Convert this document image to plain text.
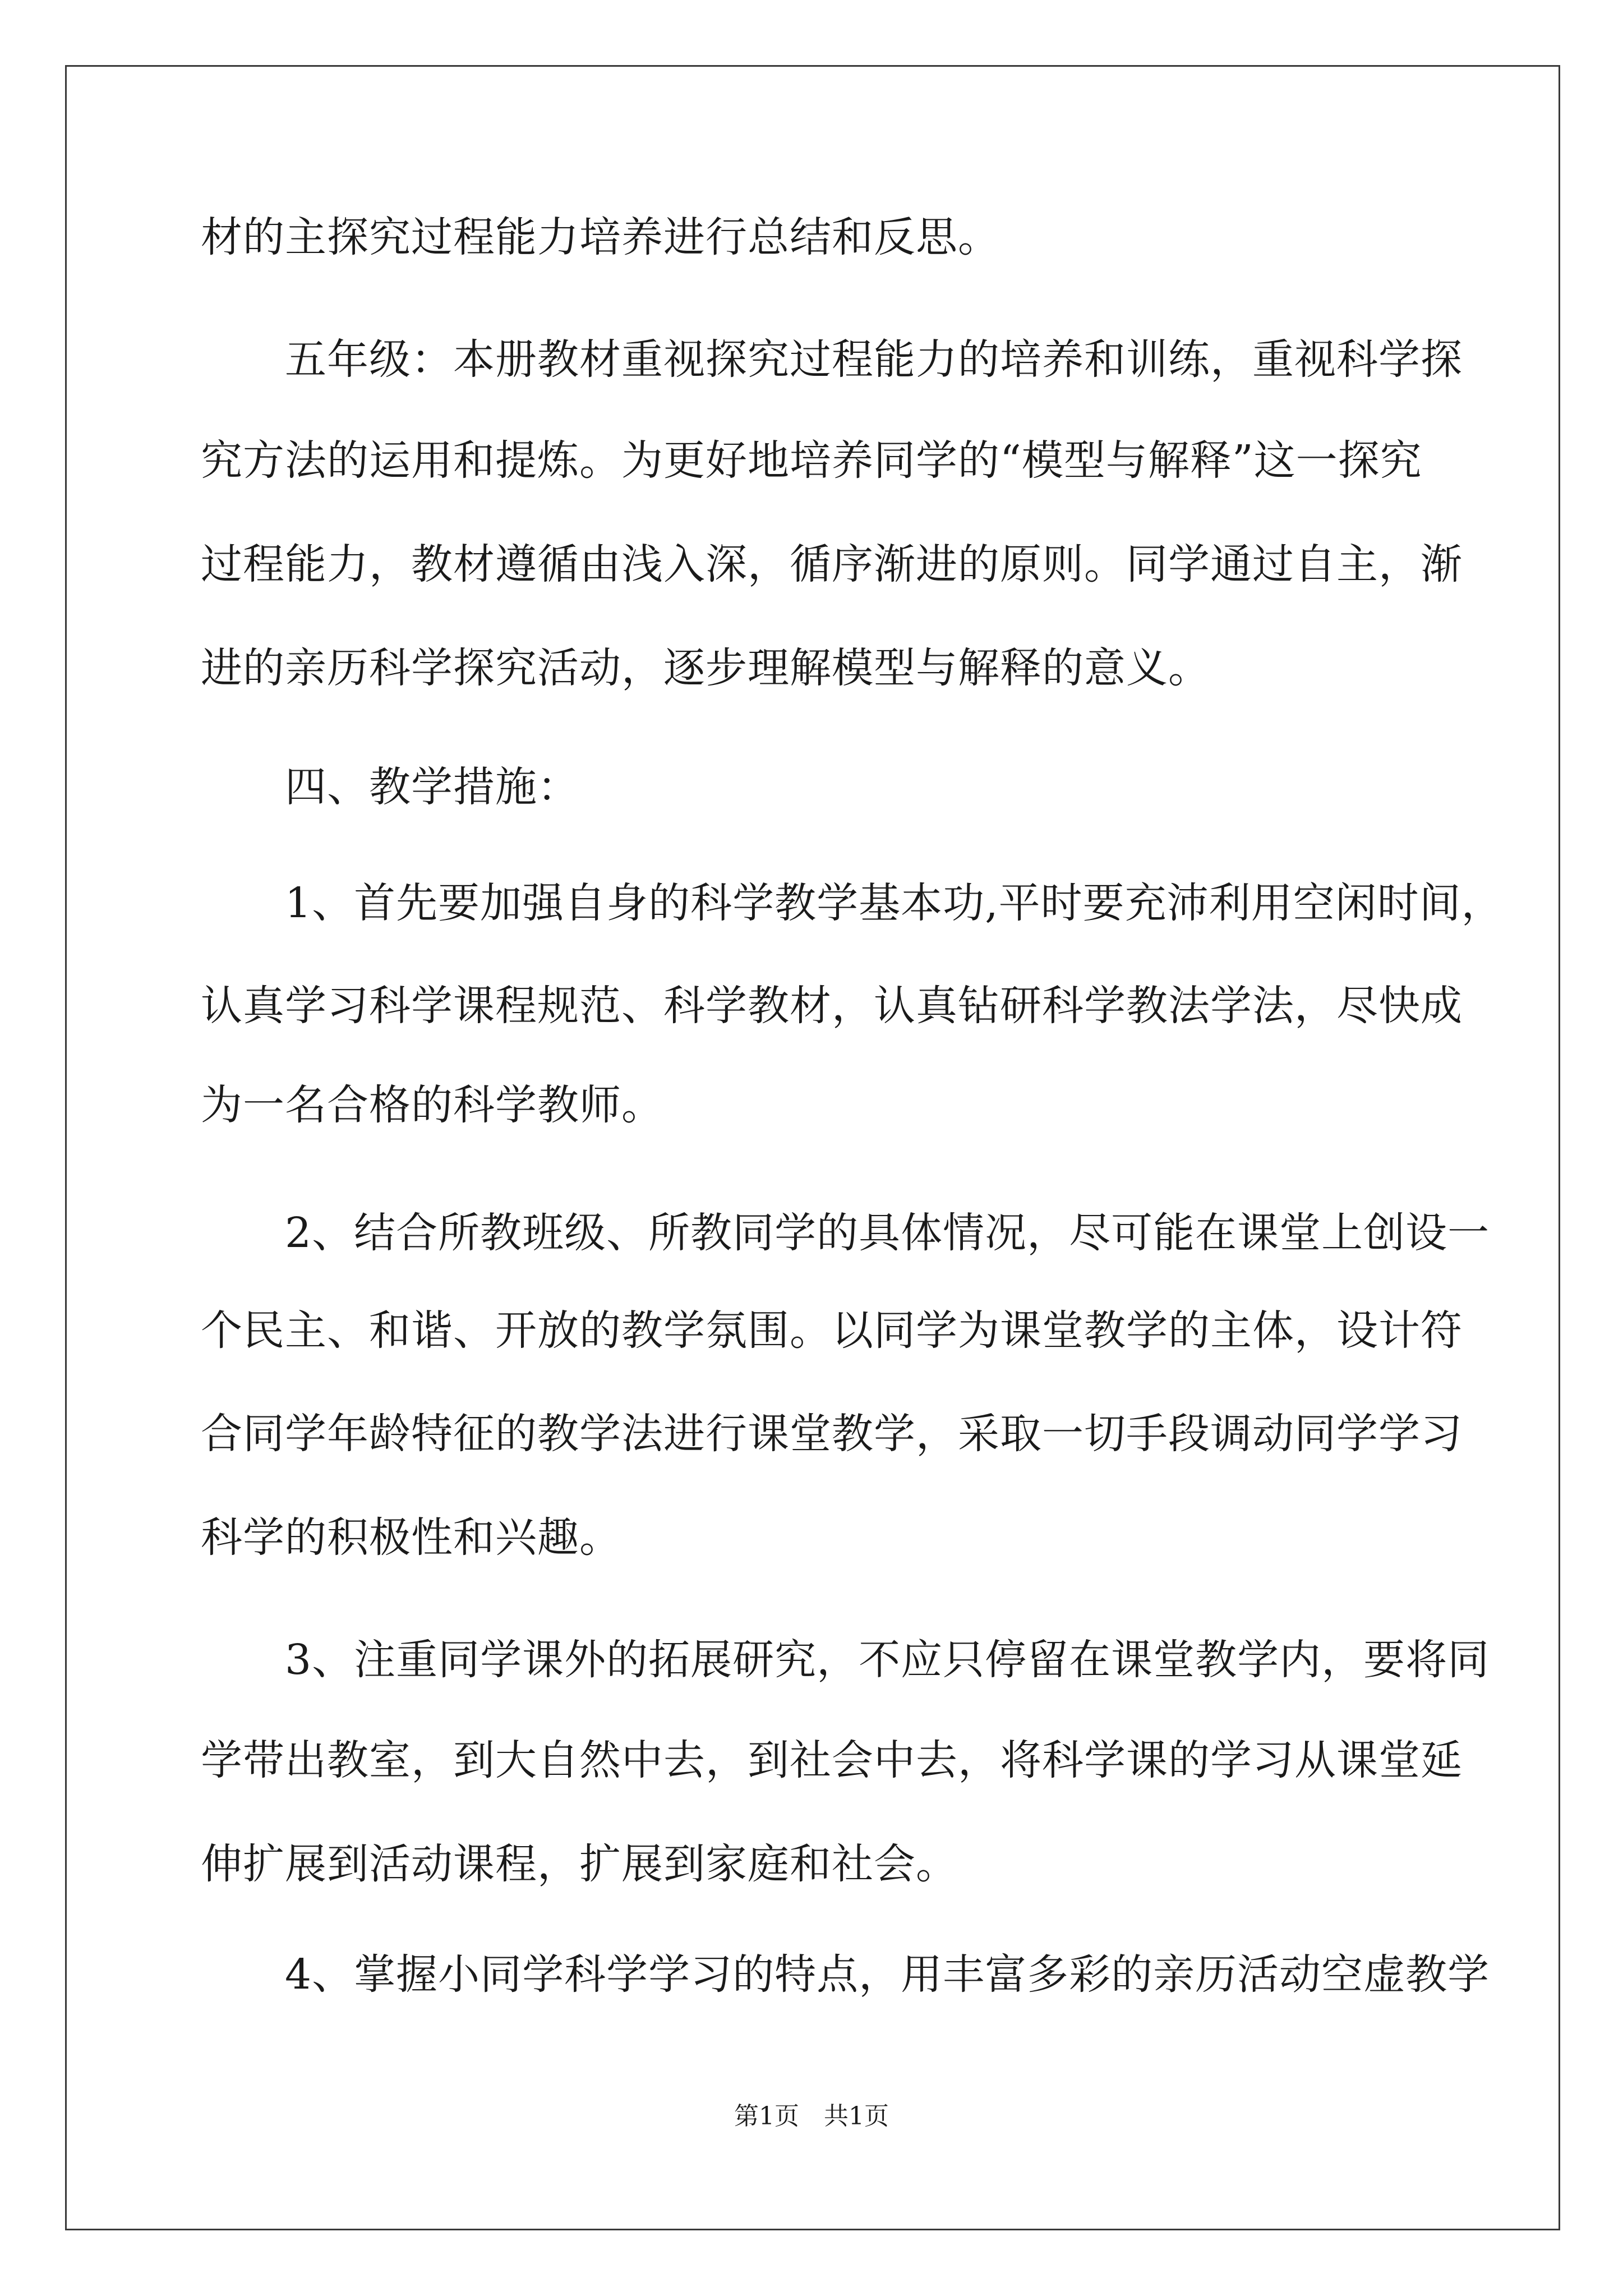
材的主探究过程能力培养进行总结和反思。
　　五年级：本册教材重视探究过程能力的培养和训练，重视科学探
究方法的运用和提炼。为更好地培养同学的“模型与解释”这一探究
过程能力，教材遵循由浅入深，循序渐进的原则。同学通过自主，渐
进的亲历科学探究活动，逐步理解模型与解释的意义。
　　四、教学措施：
　　1、首先要加强自身的科学教学基本功,平时要充沛利用空闲时间，
认真学习科学课程规范、科学教材，认真钻研科学教法学法，尽快成
为一名合格的科学教师。
　　2、结合所教班级、所教同学的具体情况，尽可能在课堂上创设一
个民主、和谐、开放的教学氛围。以同学为课堂教学的主体，设计符
合同学年龄特征的教学法进行课堂教学，采取一切手段调动同学学习
科学的积极性和兴趣。
　　3、注重同学课外的拓展研究，不应只停留在课堂教学内，要将同
学带出教室，到大自然中去，到社会中去，将科学课的学习从课堂延
伸扩展到活动课程，扩展到家庭和社会。
　　4、掌握小同学科学学习的特点，用丰富多彩的亲历活动空虚教学
第1页　共1页
